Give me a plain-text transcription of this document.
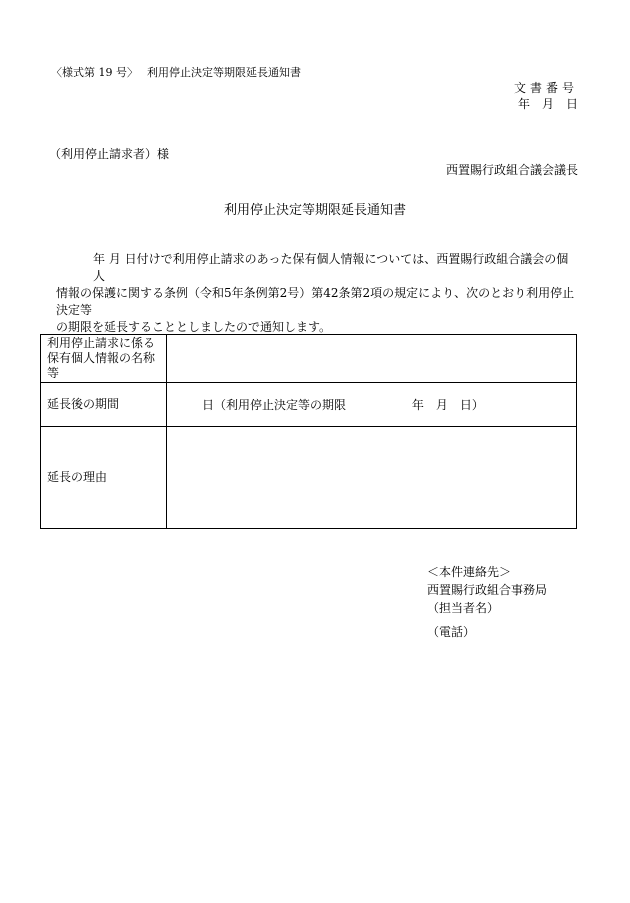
〈様式第 19 号〉　 利用停止決定等期限延長通知書
文書番号
年　月　日
（利用停止請求者）様
西置賜行政組合議会議長
利用停止決定等期限延長通知書

年 月 日付けで利用停止請求のあった保有個人情報については、西置賜行政組合議会の個人

情報の保護に関する条例（令和5年条例第2号）第42条第2項の規定により、次のとおり利用停止決定等

の期限を延長することとしましたので通知します。

利用停止請求に係る
保有個人情報の名称
等	

延長後の期間	日（利用停止決定等の期限 年　月　日）
延長の理由	
＜本件連絡先＞
西置賜行政組合事務局
（担当者名）
（電話）
